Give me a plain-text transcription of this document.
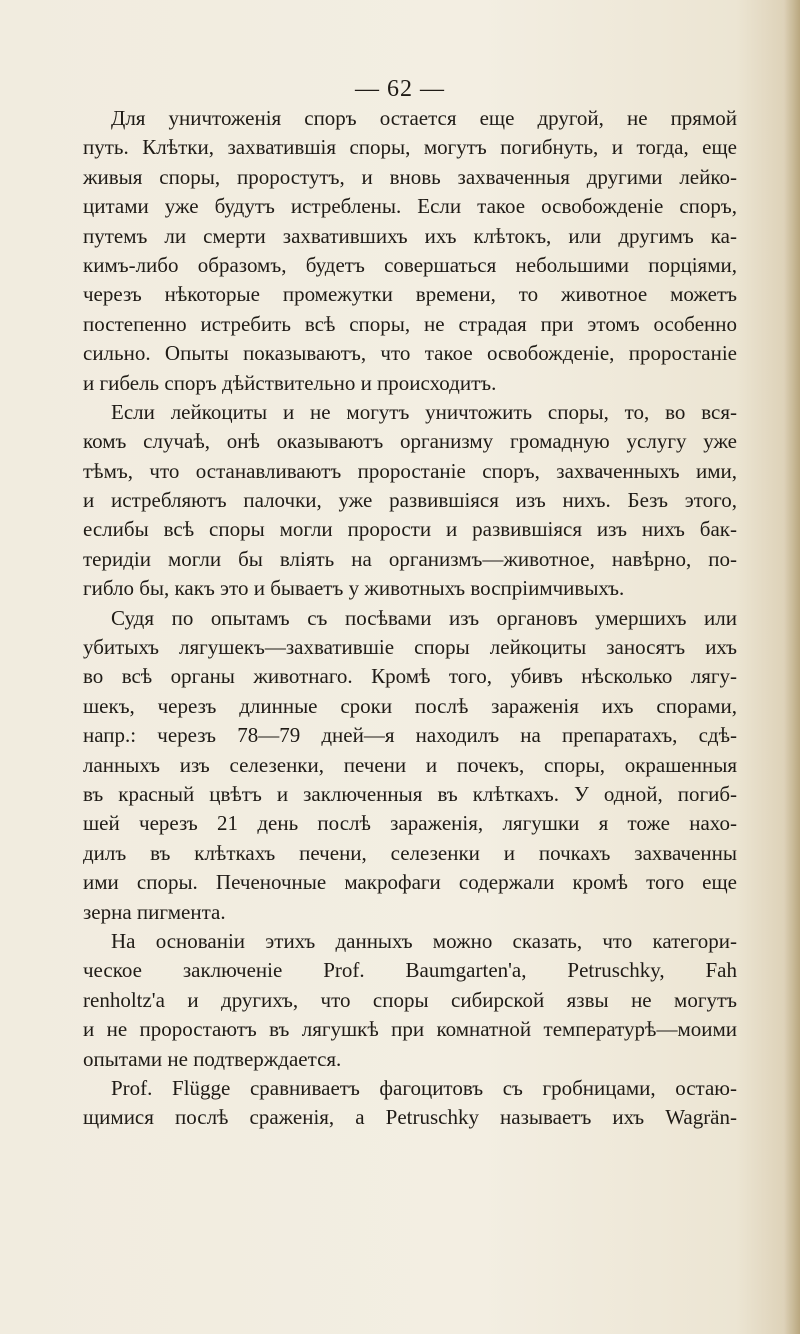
— 62 —
Для уничтоженія споръ остается еще другой, не прямой
путь. Клѣтки, захватившія споры, могутъ погибнуть, и тогда, еще
живыя споры, проростутъ, и вновь захваченныя другими лейко-
цитами уже будутъ истреблены. Если такое освобожденіе споръ,
путемъ ли смерти захватившихъ ихъ клѣтокъ, или другимъ ка-
кимъ-либо образомъ, будетъ совершаться небольшими порціями,
черезъ нѣкоторые промежутки времени, то животное можетъ
постепенно истребить всѣ споры, не страдая при этомъ особенно
сильно. Опыты показываютъ, что такое освобожденіе, проростаніе
и гибель споръ дѣйствительно и происходитъ.
Если лейкоциты и не могутъ уничтожить споры, то, во вся-
комъ случаѣ, онѣ оказываютъ организму громадную услугу уже
тѣмъ, что останавливаютъ проростаніе споръ, захваченныхъ ими,
и истребляютъ палочки, уже развившіяся изъ нихъ. Безъ этого,
еслибы всѣ споры могли прорости и развившіяся изъ нихъ бак-
теридіи могли бы вліять на организмъ—животное, навѣрно, по-
гибло бы, какъ это и бываетъ у животныхъ воспріимчивыхъ.
Судя по опытамъ съ посѣвами изъ органовъ умершихъ или
убитыхъ лягушекъ—захватившіе споры лейкоциты заносятъ ихъ
во всѣ органы животнаго. Кромѣ того, убивъ нѣсколько лягу-
шекъ, черезъ длинные сроки послѣ зараженія ихъ спорами,
напр.: черезъ 78—79 дней—я находилъ на препаратахъ, сдѣ-
ланныхъ изъ селезенки, печени и почекъ, споры, окрашенныя
въ красный цвѣтъ и заключенныя въ клѣткахъ. У одной, погиб-
шей черезъ 21 день послѣ зараженія, лягушки я тоже нахо-
дилъ въ клѣткахъ печени, селезенки и почкахъ захваченны
ими споры. Печеночные макрофаги содержали кромѣ того еще
зерна пигмента.
На основаніи этихъ данныхъ можно сказать, что категори-
ческое заключеніе Prof. Baumgarten'a, Petruschky, Fah
renholtz'a и другихъ, что споры сибирской язвы не могутъ
и не проростаютъ въ лягушкѣ при комнатной температурѣ—моими
опытами не подтверждается.
Prof. Flügge сравниваетъ фагоцитовъ съ гробницами, остаю-
щимися послѣ сраженія, а Petruschky называетъ ихъ Wagrän-
